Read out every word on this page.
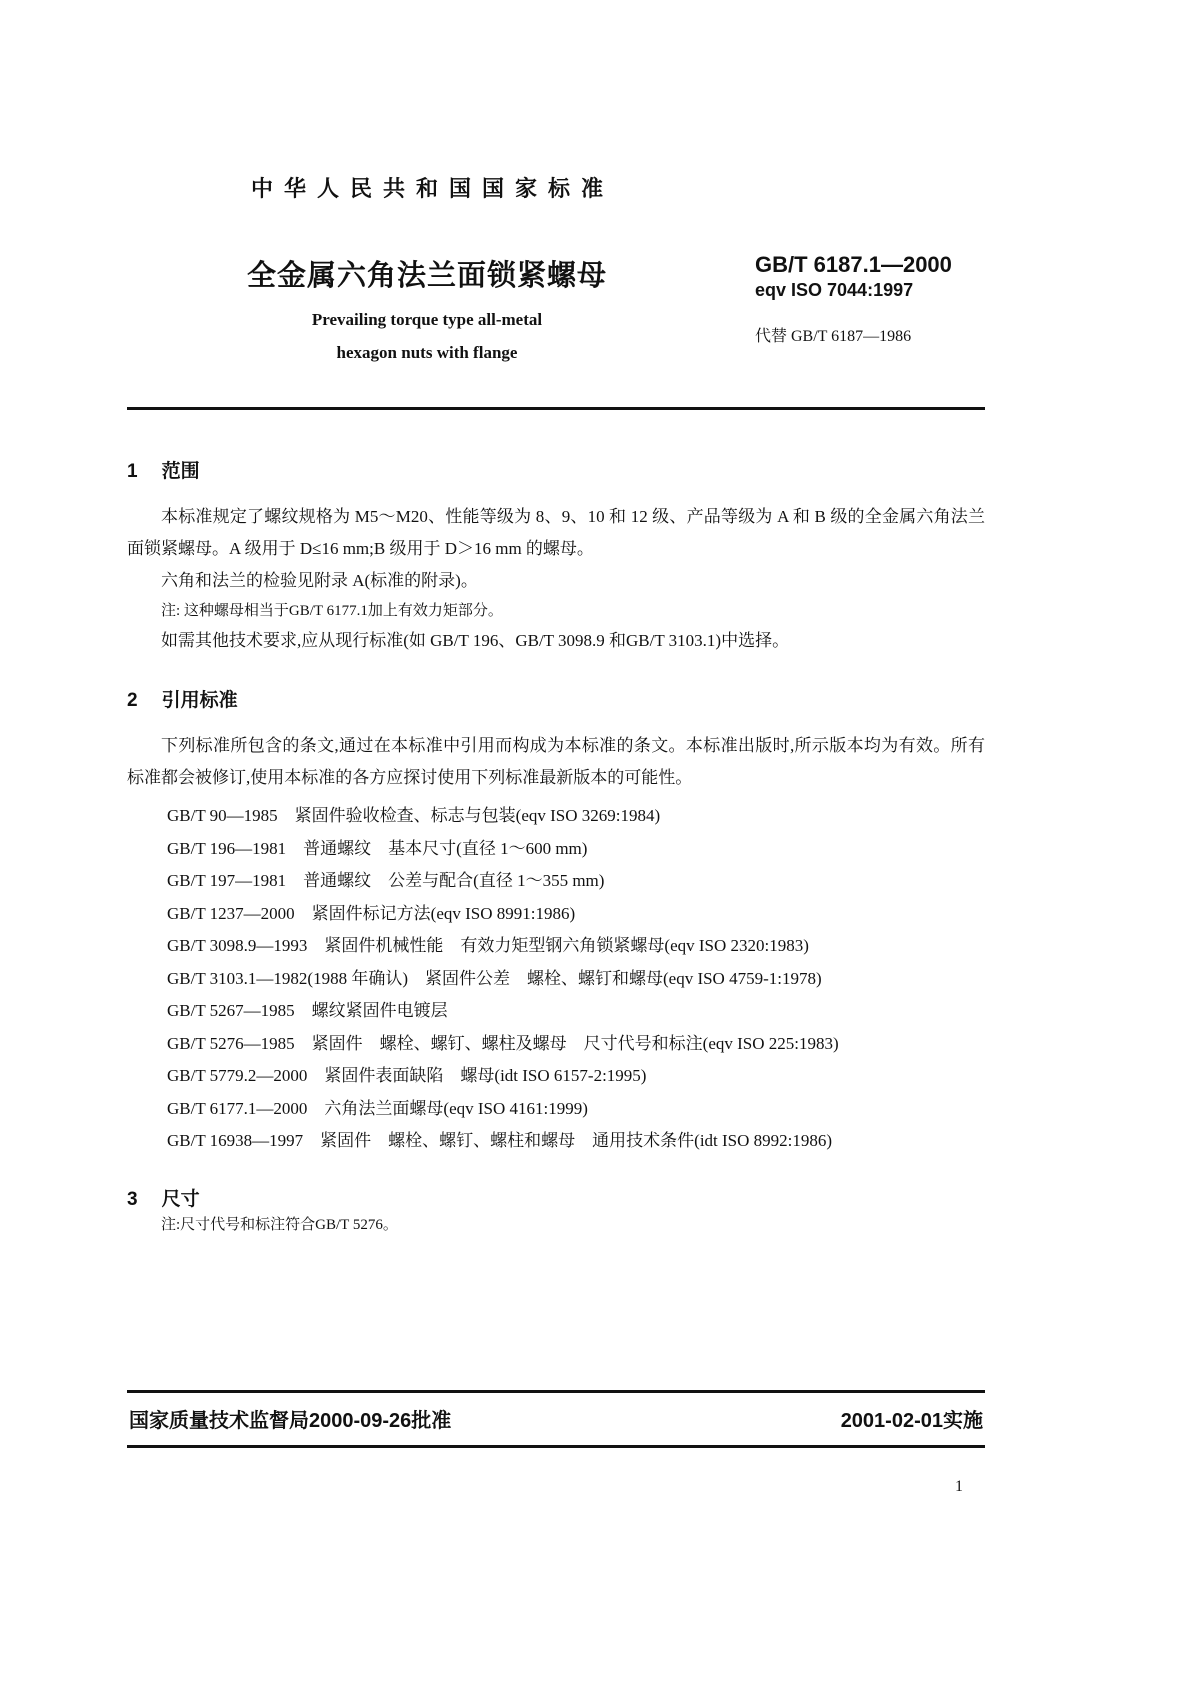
中华人民共和国国家标准
全金属六角法兰面锁紧螺母
Prevailing torque type all-metal
hexagon nuts with flange
GB/T 6187.1—2000
eqv ISO 7044:1997
代替 GB/T 6187—1986
1 范围
本标准规定了螺纹规格为 M5～M20、性能等级为 8、9、10 和 12 级、产品等级为 A 和 B 级的全金属六角法兰面锁紧螺母。A 级用于 D≤16 mm;B 级用于 D＞16 mm 的螺母。
六角和法兰的检验见附录 A(标准的附录)。
注: 这种螺母相当于GB/T 6177.1加上有效力矩部分。
如需其他技术要求,应从现行标准(如 GB/T 196、GB/T 3098.9 和GB/T 3103.1)中选择。
2 引用标准
下列标准所包含的条文,通过在本标准中引用而构成为本标准的条文。本标准出版时,所示版本均为有效。所有标准都会被修订,使用本标准的各方应探讨使用下列标准最新版本的可能性。
GB/T 90—1985　紧固件验收检查、标志与包装(eqv ISO 3269:1984)
GB/T 196—1981　普通螺纹　基本尺寸(直径 1～600 mm)
GB/T 197—1981　普通螺纹　公差与配合(直径 1～355 mm)
GB/T 1237—2000　紧固件标记方法(eqv ISO 8991:1986)
GB/T 3098.9—1993　紧固件机械性能　有效力矩型钢六角锁紧螺母(eqv ISO 2320:1983)
GB/T 3103.1—1982(1988 年确认)　紧固件公差　螺栓、螺钉和螺母(eqv ISO 4759-1:1978)
GB/T 5267—1985　螺纹紧固件电镀层
GB/T 5276—1985　紧固件　螺栓、螺钉、螺柱及螺母　尺寸代号和标注(eqv ISO 225:1983)
GB/T 5779.2—2000　紧固件表面缺陷　螺母(idt ISO 6157-2:1995)
GB/T 6177.1—2000　六角法兰面螺母(eqv ISO 4161:1999)
GB/T 16938—1997　紧固件　螺栓、螺钉、螺柱和螺母　通用技术条件(idt ISO 8992:1986)
3 尺寸
注:尺寸代号和标注符合GB/T 5276。
国家质量技术监督局2000-09-26批准	2001-02-01实施
1
